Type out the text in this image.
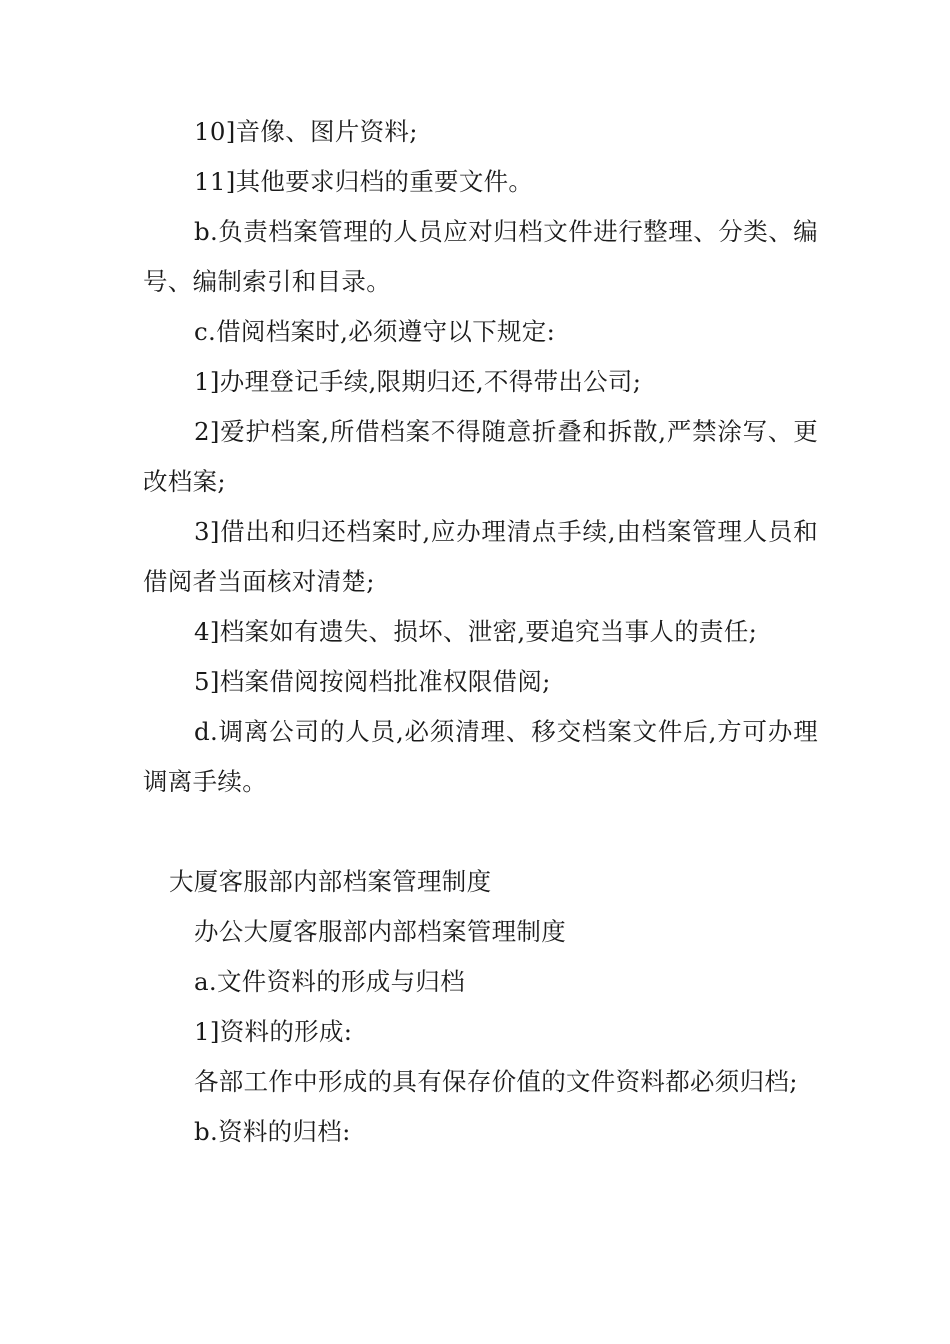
10]音像、图片资料;

11]其他要求归档的重要文件。

b.负责档案管理的人员应对归档文件进行整理、分类、编号、编制索引和目录。

c.借阅档案时,必须遵守以下规定:

1]办理登记手续,限期归还,不得带出公司;

2]爱护档案,所借档案不得随意折叠和拆散,严禁涂写、更改档案;

3]借出和归还档案时,应办理清点手续,由档案管理人员和借阅者当面核对清楚;

4]档案如有遗失、损坏、泄密,要追究当事人的责任;

5]档案借阅按阅档批准权限借阅;

d.调离公司的人员,必须清理、移交档案文件后,方可办理调离手续。

大厦客服部内部档案管理制度

办公大厦客服部内部档案管理制度

a.文件资料的形成与归档

1]资料的形成:

各部工作中形成的具有保存价值的文件资料都必须归档;

b.资料的归档:
